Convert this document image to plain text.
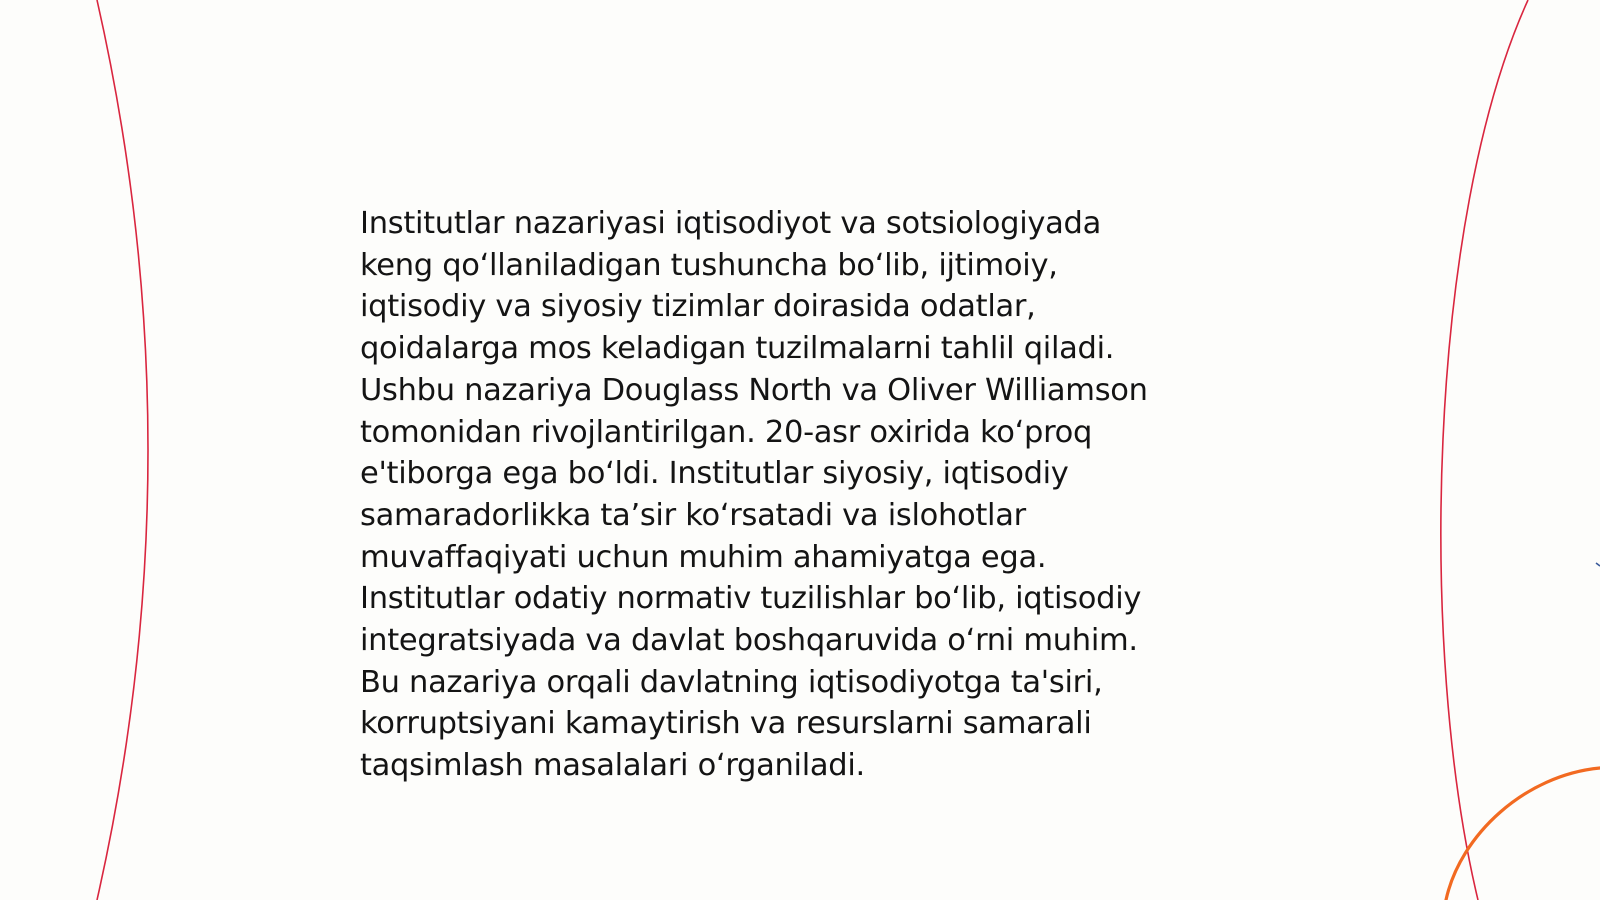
Institutlar nazariyasi iqtisodiyot va sotsiologiyada
keng qo‘llaniladigan tushuncha bo‘lib, ijtimoiy,
iqtisodiy va siyosiy tizimlar doirasida odatlar,
qoidalarga mos keladigan tuzilmalarni tahlil qiladi.
Ushbu nazariya Douglass North va Oliver Williamson
tomonidan rivojlantirilgan. 20-asr oxirida ko‘proq
e'tiborga ega bo‘ldi. Institutlar siyosiy, iqtisodiy
samaradorlikka ta’sir ko‘rsatadi va islohotlar
muvaffaqiyati uchun muhim ahamiyatga ega.
Institutlar odatiy normativ tuzilishlar bo‘lib, iqtisodiy
integratsiyada va davlat boshqaruvida o‘rni muhim.
Bu nazariya orqali davlatning iqtisodiyotga ta'siri,
korruptsiyani kamaytirish va resurslarni samarali
taqsimlash masalalari o‘rganiladi.
